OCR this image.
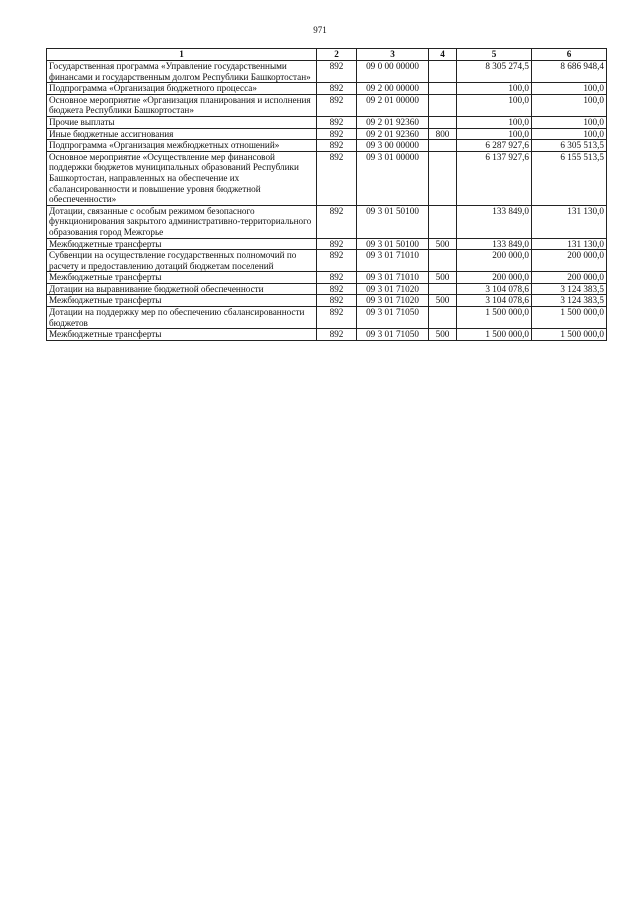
971
1	2	3	4	5	6
Государственная программа «Управление государственными финансами и государственным долгом Республики Башкортостан»	892	09 0 00 00000		8 305 274,5	8 686 948,4
Подпрограмма «Организация бюджетного процесса»	892	09 2 00 00000		100,0	100,0
Основное мероприятие «Организация планирования и исполнения бюджета Республики Башкортостан»	892	09 2 01 00000		100,0	100,0
Прочие выплаты	892	09 2 01 92360		100,0	100,0
Иные бюджетные ассигнования	892	09 2 01 92360	800	100,0	100,0
Подпрограмма «Организация межбюджетных отношений»	892	09 3 00 00000		6 287 927,6	6 305 513,5
Основное мероприятие «Осуществление мер финансовой поддержки бюджетов муниципальных образований Республики Башкортостан, направленных на обеспечение их сбалансированности и повышение уровня бюджетной обеспеченности»	892	09 3 01 00000		6 137 927,6	6 155 513,5
Дотации, связанные с особым режимом безопасного функционирования закрытого административно-территориального образования город Межгорье	892	09 3 01 50100		133 849,0	131 130,0
Межбюджетные трансферты	892	09 3 01 50100	500	133 849,0	131 130,0
Субвенции на осуществление государственных полномочий по расчету и предоставлению дотаций бюджетам поселений	892	09 3 01 71010		200 000,0	200 000,0
Межбюджетные трансферты	892	09 3 01 71010	500	200 000,0	200 000,0
Дотации на выравнивание бюджетной обеспеченности	892	09 3 01 71020		3 104 078,6	3 124 383,5
Межбюджетные трансферты	892	09 3 01 71020	500	3 104 078,6	3 124 383,5
Дотации на поддержку мер по обеспечению сбалансированности бюджетов	892	09 3 01 71050		1 500 000,0	1 500 000,0
Межбюджетные трансферты	892	09 3 01 71050	500	1 500 000,0	1 500 000,0
